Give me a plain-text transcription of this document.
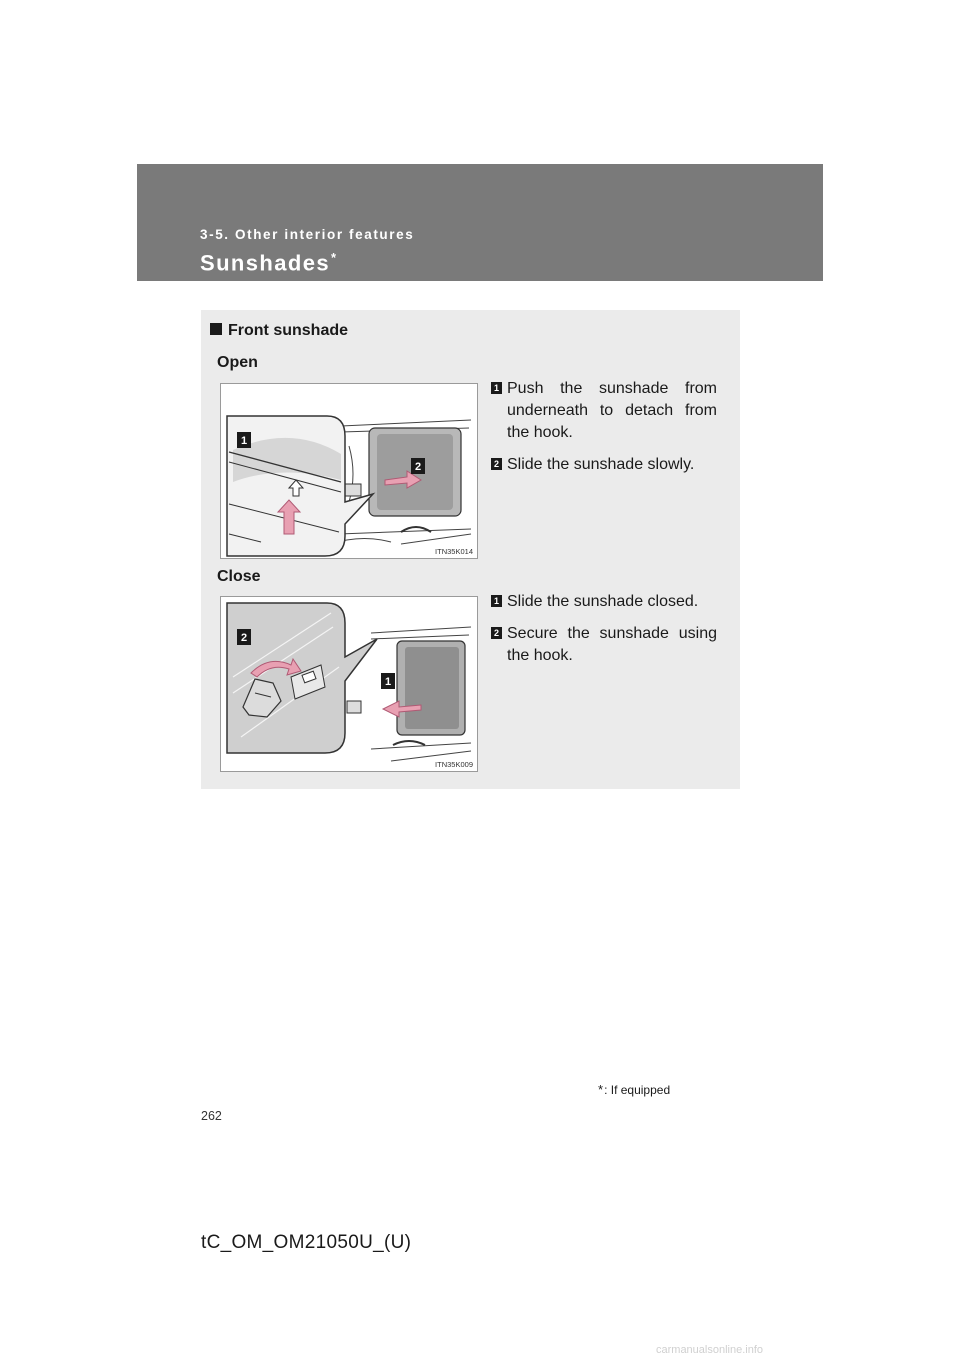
3-5. Other interior features
Sunshades*
Front sunshade
Open
1
2
ITN35K014
1 Push the sunshade from underneath to detach from the hook.
2 Slide the sunshade slowly.
Close
2
1
ITN35K009
1 Slide the sunshade closed.
2 Secure the sunshade using the hook.
*: If equipped
262
tC_OM_OM21050U_(U)
carmanualsonline.info
